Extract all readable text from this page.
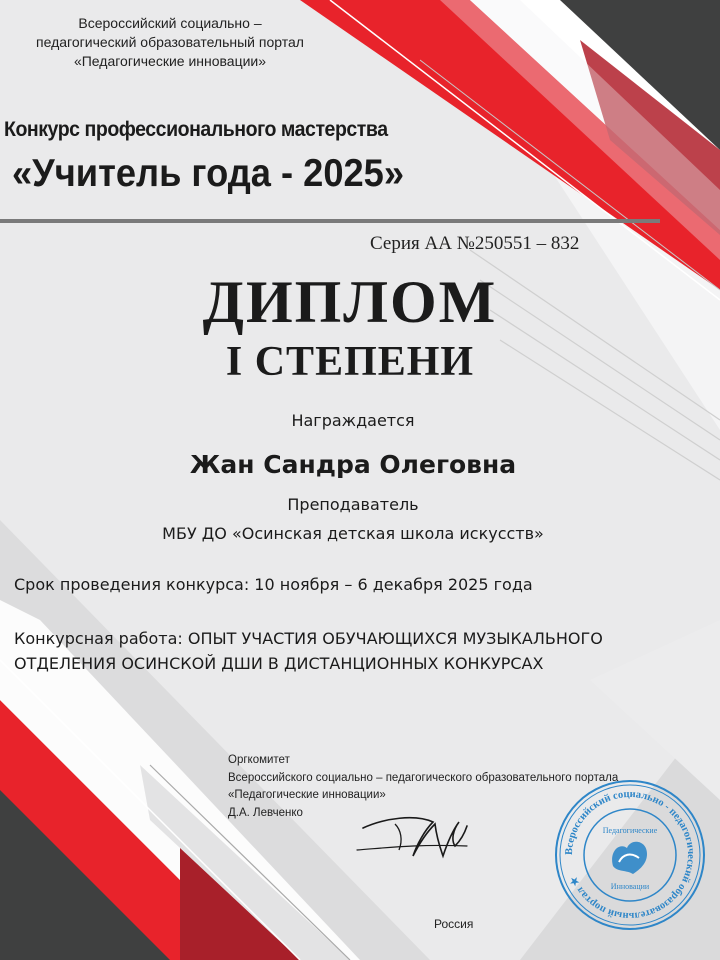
Всероссийский социально –
педагогический образовательный портал
«Педагогические инновации»
Конкурс профессионального мастерства
«Учитель года - 2025»
Серия АА №250551 – 832
ДИПЛОМ
I СТЕПЕНИ
Награждается
Жан Сандра Олеговна
Преподаватель
МБУ ДО «Осинская детская школа искусств»
Срок проведения конкурса: 10 ноября – 6 декабря 2025 года
Конкурсная работа: ОПЫТ УЧАСТИЯ ОБУЧАЮЩИХСЯ МУЗЫКАЛЬНОГО
ОТДЕЛЕНИЯ ОСИНСКОЙ ДШИ В ДИСТАНЦИОННЫХ КОНКУРСАХ
Оргкомитет
Всероссийского социально – педагогического образовательного портала
«Педагогические инновации»
Д.А. Левченко
Всероссийский социально - педагогический образовательный портал ★
Педагогические
Инновации
Россия
